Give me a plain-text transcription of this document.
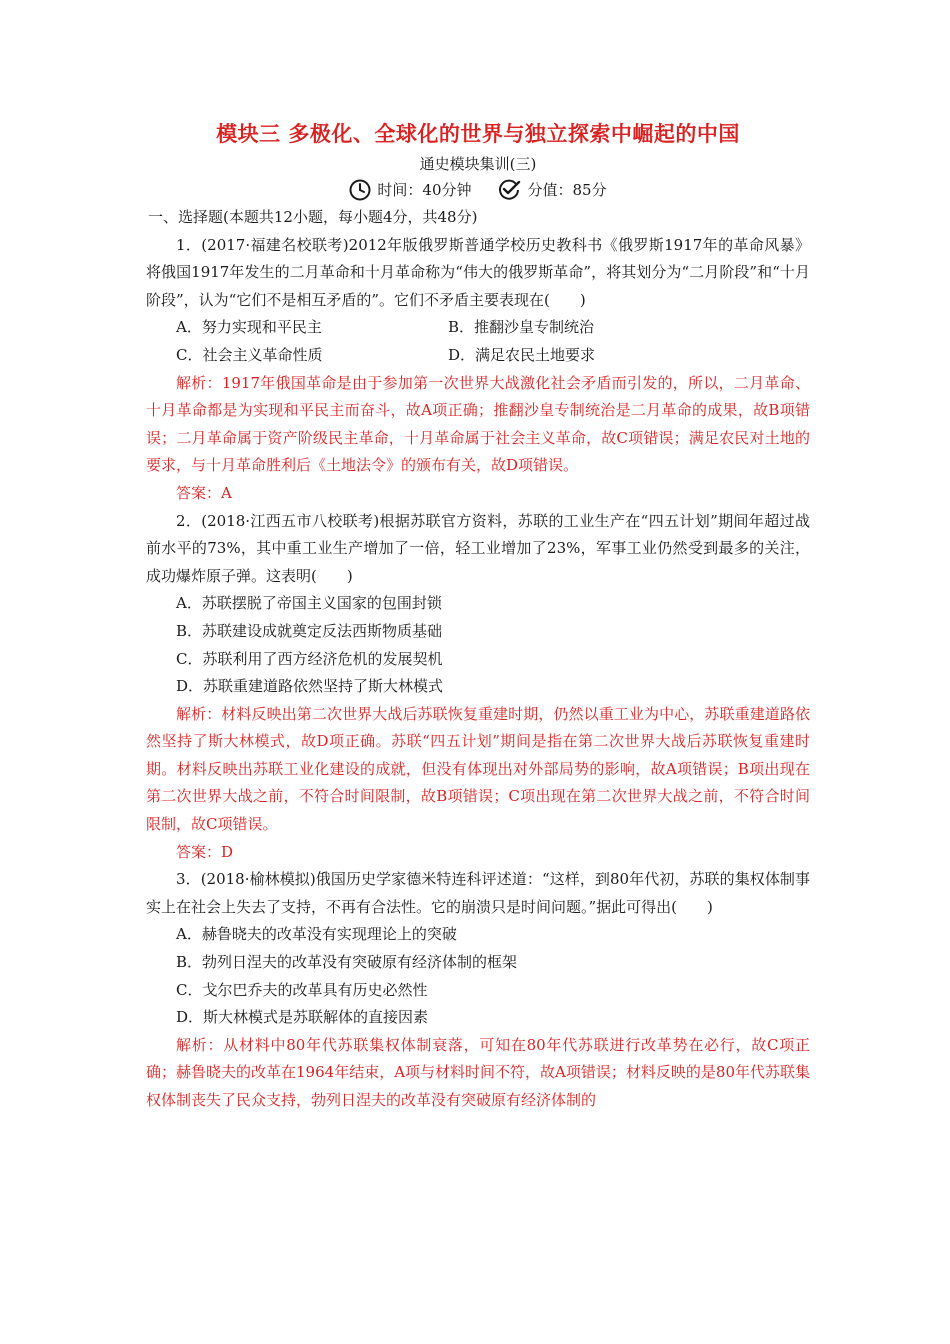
模块三 多极化、全球化的世界与独立探索中崛起的中国
通史模块集训(三)
时间：40分钟	分值：85分

一、选择题(本题共12小题，每小题4分，共48分)

1．(2017·福建名校联考)2012年版俄罗斯普通学校历史教科书《俄罗斯1917年的革命风暴》将俄国1917年发生的二月革命和十月革命称为“伟大的俄罗斯革命”，将其划分为“二月阶段”和“十月阶段”，认为“它们不是相互矛盾的”。它们不矛盾主要表现在(　　)

A．努力实现和平民主	B．推翻沙皇专制统治
C．社会主义革命性质	D．满足农民土地要求

解析：1917年俄国革命是由于参加第一次世界大战激化社会矛盾而引发的，所以，二月革命、十月革命都是为实现和平民主而奋斗，故A项正确；推翻沙皇专制统治是二月革命的成果，故B项错误；二月革命属于资产阶级民主革命，十月革命属于社会主义革命，故C项错误；满足农民对土地的要求，与十月革命胜利后《土地法令》的颁布有关，故D项错误。

答案：A

2．(2018·江西五市八校联考)根据苏联官方资料，苏联的工业生产在“四五计划”期间年超过战前水平的73%，其中重工业生产增加了一倍，轻工业增加了23%，军事工业仍然受到最多的关注，成功爆炸原子弹。这表明(　　)

A．苏联摆脱了帝国主义国家的包围封锁

B．苏联建设成就奠定反法西斯物质基础

C．苏联利用了西方经济危机的发展契机

D．苏联重建道路依然坚持了斯大林模式

解析：材料反映出第二次世界大战后苏联恢复重建时期，仍然以重工业为中心，苏联重建道路依然坚持了斯大林模式，故D项正确。苏联“四五计划”期间是指在第二次世界大战后苏联恢复重建时期。材料反映出苏联工业化建设的成就，但没有体现出对外部局势的影响，故A项错误；B项出现在第二次世界大战之前，不符合时间限制，故B项错误；C项出现在第二次世界大战之前，不符合时间限制，故C项错误。

答案：D

3．(2018·榆林模拟)俄国历史学家德米特连科评述道：“这样，到80年代初，苏联的集权体制事实上在社会上失去了支持，不再有合法性。它的崩溃只是时间问题。”据此可得出(　　)

A．赫鲁晓夫的改革没有实现理论上的突破

B．勃列日涅夫的改革没有突破原有经济体制的框架

C．戈尔巴乔夫的改革具有历史必然性

D．斯大林模式是苏联解体的直接因素

解析：从材料中80年代苏联集权体制衰落，可知在80年代苏联进行改革势在必行，故C项正确；赫鲁晓夫的改革在1964年结束，A项与材料时间不符，故A项错误；材料反映的是80年代苏联集权体制丧失了民众支持，勃列日涅夫的改革没有突破原有经济体制的
